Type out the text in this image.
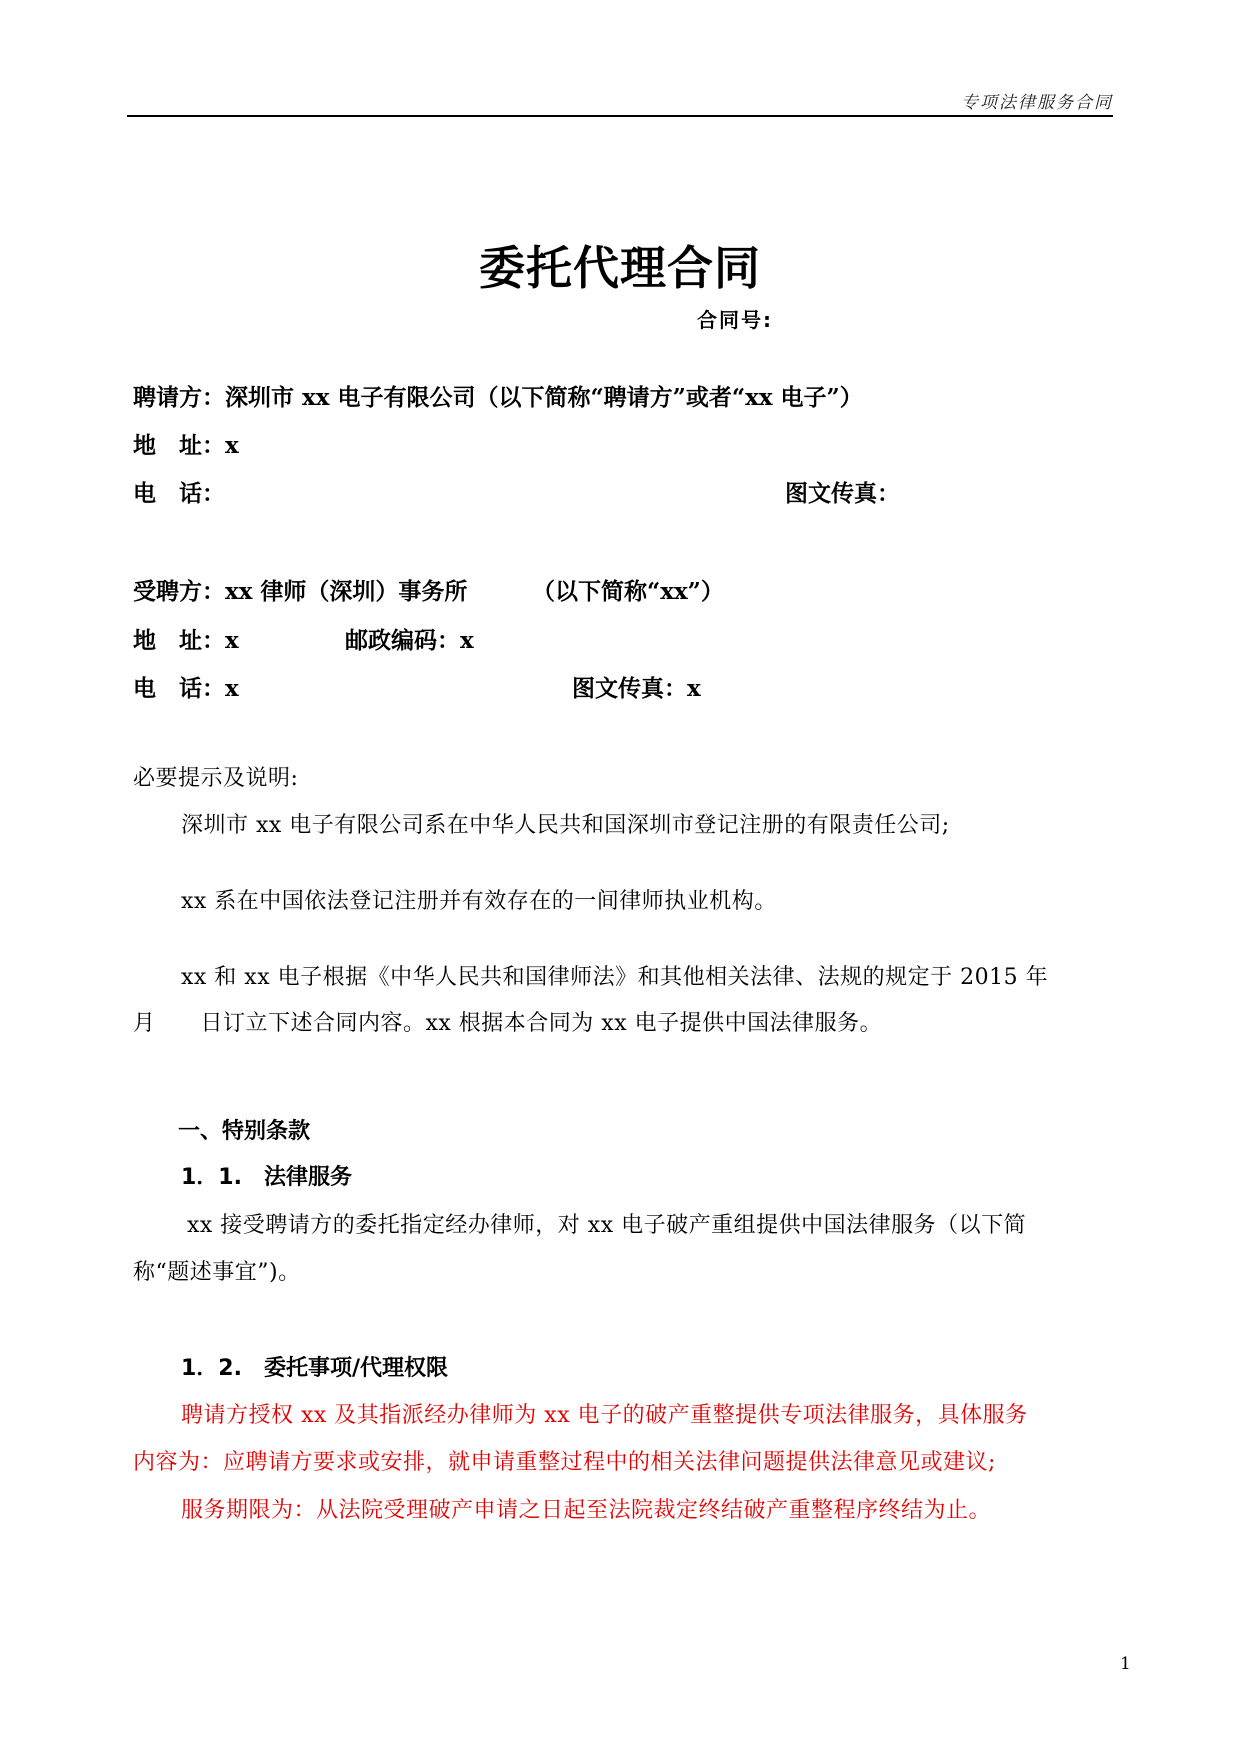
专项法律服务合同
委托代理合同
合同号:
聘请方：深圳市 xx 电子有限公司（以下简称“聘请方”或者“xx 电子”）
地　址：x
电　话：	图文传真：
受聘方：xx 律师（深圳）事务所	（以下简称“xx”）
地　址：x	邮政编码：x
电　话：x	图文传真：x
必要提示及说明:
深圳市 xx 电子有限公司系在中华人民共和国深圳市登记注册的有限责任公司;
xx 系在中国依法登记注册并有效存在的一间律师执业机构。
xx 和 xx 电子根据《中华人民共和国律师法》和其他相关法律、法规的规定于 2015 年
月　　日订立下述合同内容。xx 根据本合同为 xx 电子提供中国法律服务。
一、特别条款
1．1.　法律服务
xx 接受聘请方的委托指定经办律师，对 xx 电子破产重组提供中国法律服务（以下简
称“题述事宜”)。
1．2.　委托事项/代理权限
聘请方授权 xx 及其指派经办律师为 xx 电子的破产重整提供专项法律服务，具体服务
内容为：应聘请方要求或安排，就申请重整过程中的相关法律问题提供法律意见或建议;
服务期限为：从法院受理破产申请之日起至法院裁定终结破产重整程序终结为止。
1
